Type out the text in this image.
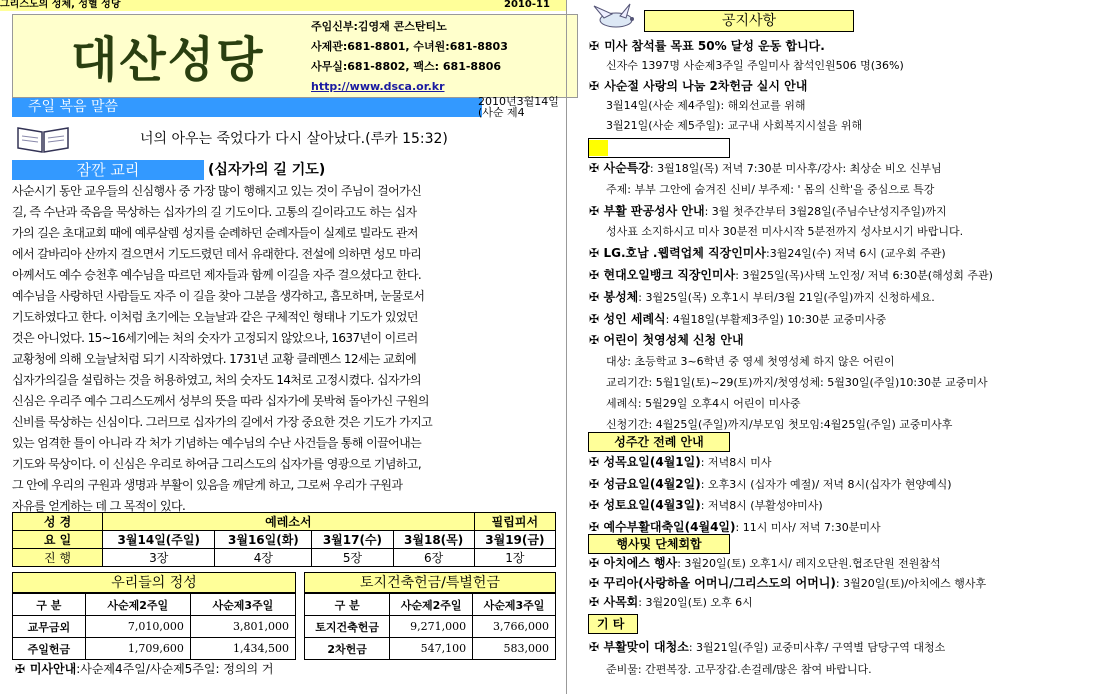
그리스도의 성체, 성혈 성당	2010-11
대산성당
주임신부:김영재 콘스탄티노
사제관:681-8801, 수녀원:681-8803
사무실:681-8802, 팩스: 681-8806
http://www.dsca.or.kr
주일 복음 말씀	2010년3월14일 (사순 제4
너의 아우는 죽었다가 다시 살아났다.(루카 15:32)
잠깐 교리	(십자가의 길 기도)
사순시기 동안 교우들의 신심행사 중 가장 많이 행해지고 있는 것이 주님이 걸어가신
길, 즉 수난과 죽음을 묵상하는 십자가의 길 기도이다. 고통의 길이라고도 하는 십자
가의 길은 초대교회 때에 예루살렘 성지를 순례하던 순례자들이 실제로 빌라도 관저
에서 갈바리아 산까지 걸으면서 기도드렸던 데서 유래한다. 전설에 의하면 성모 마리
아께서도 예수 승천후 예수님을 따르던 제자들과 함께 이길을 자주 걸으셨다고 한다.
예수님을 사랑하던 사람들도 자주 이 길을 찾아 그분을 생각하고, 흠모하며, 눈물로서
기도하였다고 한다. 이처럼 초기에는 오늘날과 같은 구체적인 형태나 기도가 있었던
것은 아니었다. 15~16세기에는 처의 숫자가 고정되지 않았으나, 1637년이 이르러
교황청에 의해 오늘날처럼 되기 시작하였다. 1731년 교황 클레멘스 12세는 교회에
십자가의길을 설립하는 것을 허용하였고, 처의 숫자도 14처로 고정시켰다. 십자가의
신심은 우리주 예수 그리스도께서 성부의 뜻을 따라 십자가에 못박혀 돌아가신 구원의
신비를 묵상하는 신심이다. 그러므로 십자가의 길에서 가장 중요한 것은 기도가 가지고
있는 엄격한 틀이 아니라 각 처가 기념하는 예수님의 수난 사건들을 통해 이끌어내는
기도와 묵상이다. 이 신심은 우리로 하여금 그리스도의 십자가를 영광으로 기념하고,
그 안에 우리의 구원과 생명과 부활이 있음을 깨닫게 하고, 그로써 우리가 구원과
자유를 얻게하는 데 그 목적이 있다.
성 경	예레소서				필립피서
요 일	3월14일(주일)	3월16일(화)	3월17(수)	3월18(목)	3월19(금)
진 행	3장	4장	5장	6장	1장
우리들의 정성	토지건축헌금/특별헌금
구 분	사순제2주일	사순제3주일
교무금외	7,010,000	3,801,000
주일헌금	1,709,600	1,434,500
구 분	사순제2주일	사순제3주일
토지건축헌금	9,271,000	3,766,000
2차헌금	547,100	583,000
✠ 미사안내:사순제4주일/사순제5주일: 정의의 거
공지사항
✠ 미사 참석률 목표 50% 달성 운동 합니다.
신자수 1397명 사순제3주일 주일미사 참석인원506 명(36%)
✠ 사순절 사랑의 나눔 2차헌금 실시 안내
3월14일(사순 제4주일): 해외선교를 위해
3월21일(사순 제5주일): 교구내 사회복지시설을 위해
✠ 사순특강: 3월18일(목) 저녁 7:30분 미사후/강사: 최상순 비오 신부님
주제: 부부 그안에 숨겨진 신비/ 부주제: ' 몸의 신학'을 중심으로 특강
✠ 부활 판공성사 안내: 3월 첫주간부터 3월28일(주님수난성지주일)까지
성사표 소지하시고 미사 30분전 미사시작 5분전까지 성사보시기 바랍니다.
✠ LG.호남 .웹력업체 직장인미사:3월24일(수) 저녁 6시 (교우회 주관)
✠ 현대오일뱅크 직장인미사: 3월25일(목)사택 노인정/ 저녁 6:30분(해성회 주관)
✠ 봉성체: 3월25일(목) 오후1시 부터/3월 21일(주일)까지 신청하세요.
✠ 성인 세례식: 4월18일(부활제3주일) 10:30분 교중미사중
✠ 어린이 첫영성체 신청 안내
대상: 초등학교 3~6학년 중 영세 첫영성체 하지 않은 어린이
교리기간: 5월1일(토)~29(토)까지/첫영성체: 5월30일(주일)10:30분 교중미사
세례식: 5월29일 오후4시 어린이 미사중
신청기간: 4월25일(주일)까지/부모임 첫모임:4월25일(주일) 교중미사후
성주간 전례 안내
✠ 성목요일(4월1일): 저녁8시 미사
✠ 성금요일(4월2일): 오후3시 (십자가 예절)/ 저녁 8시(십자가 현양예식)
✠ 성토요일(4월3일): 저녁8시 (부활성야미사)
✠ 예수부활대축일(4월4일): 11시 미사/ 저녁 7:30분미사
행사및 단체회합
✠ 아치에스 행사: 3월20일(토) 오후1시/ 레지오단원.협조단원 전원참석
✠ 꾸리아(사랑하올 어머니/그리스도의 어머니): 3월20일(토)/아치에스 행사후
✠ 사목회: 3월20일(토) 오후 6시
기 타
✠ 부활맞이 대청소: 3월21일(주일) 교중미사후/ 구역별 담당구역 대청소
준비물: 간편복장. 고무장갑.손걸레/많은 참여 바랍니다.
